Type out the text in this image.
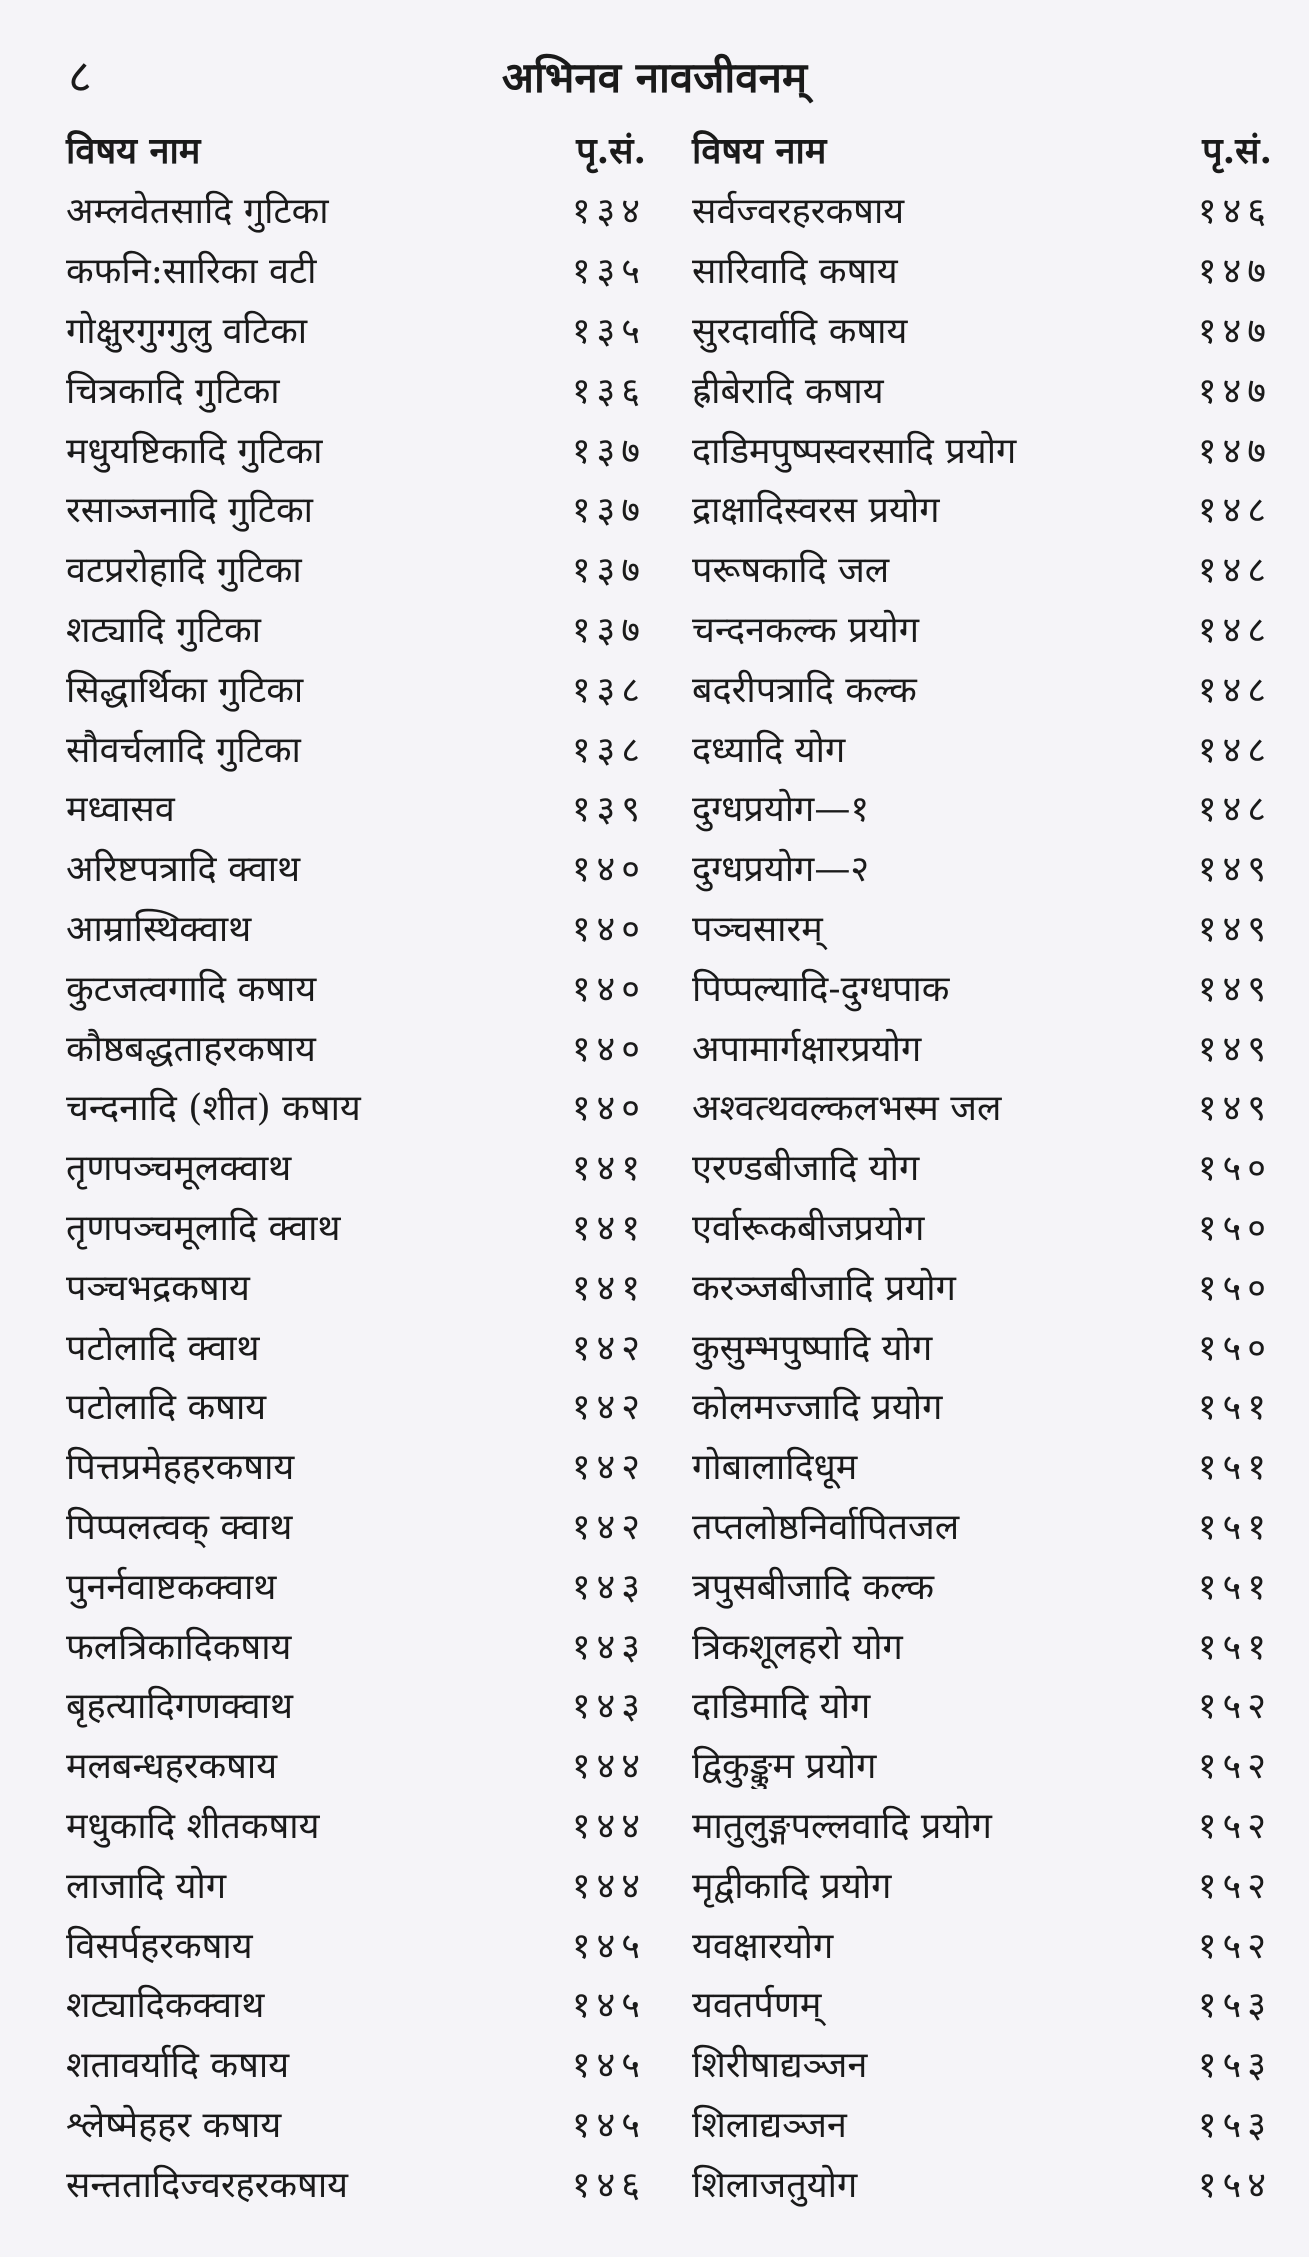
८	अभिनव नावजीवनम्
विषय नाम	पृ.सं.
अम्लवेतसादि गुटिका	१३४
कफनि:सारिका वटी	१३५
गोक्षुरगुग्गुलु वटिका	१३५
चित्रकादि गुटिका	१३६
मधुयष्टिकादि गुटिका	१३७
रसाञ्जनादि गुटिका	१३७
वटप्ररोहादि गुटिका	१३७
शट्यादि गुटिका	१३७
सिद्धार्थिका गुटिका	१३८
सौवर्चलादि गुटिका	१३८
मध्वासव	१३९
अरिष्टपत्रादि क्वाथ	१४०
आम्रास्थिक्वाथ	१४०
कुटजत्वगादि कषाय	१४०
कौष्ठबद्धताहरकषाय	१४०
चन्दनादि (शीत) कषाय	१४०
तृणपञ्चमूलक्वाथ	१४१
तृणपञ्चमूलादि क्वाथ	१४१
पञ्चभद्रकषाय	१४१
पटोलादि क्वाथ	१४२
पटोलादि कषाय	१४२
पित्तप्रमेहहरकषाय	१४२
पिप्पलत्वक् क्वाथ	१४२
पुनर्नवाष्टकक्वाथ	१४३
फलत्रिकादिकषाय	१४३
बृहत्यादिगणक्वाथ	१४३
मलबन्धहरकषाय	१४४
मधुकादि शीतकषाय	१४४
लाजादि योग	१४४
विसर्पहरकषाय	१४५
शट्यादिकक्वाथ	१४५
शतावर्यादि कषाय	१४५
श्लेष्मेहहर कषाय	१४५
सन्ततादिज्वरहरकषाय	१४६
विषय नाम	पृ.सं.
सर्वज्वरहरकषाय	१४६
सारिवादि कषाय	१४७
सुरदार्वादि कषाय	१४७
ह्रीबेरादि कषाय	१४७
दाडिमपुष्पस्वरसादि प्रयोग	१४७
द्राक्षादिस्वरस प्रयोग	१४८
परूषकादि जल	१४८
चन्दनकल्क प्रयोग	१४८
बदरीपत्रादि कल्क	१४८
दध्यादि योग	१४८
दुग्धप्रयोग—१	१४८
दुग्धप्रयोग—२	१४९
पञ्चसारम्	१४९
पिप्पल्यादि-दुग्धपाक	१४९
अपामार्गक्षारप्रयोग	१४९
अश्वत्थवल्कलभस्म जल	१४९
एरण्डबीजादि योग	१५०
एर्वारूकबीजप्रयोग	१५०
करञ्जबीजादि प्रयोग	१५०
कुसुम्भपुष्पादि योग	१५०
कोलमज्जादि प्रयोग	१५१
गोबालादिधूम	१५१
तप्तलोष्ठनिर्वापितजल	१५१
त्रपुसबीजादि कल्क	१५१
त्रिकशूलहरो योग	१५१
दाडिमादि योग	१५२
द्विकुङ्कुम प्रयोग	१५२
मातुलुङ्गपल्लवादि प्रयोग	१५२
मृद्वीकादि प्रयोग	१५२
यवक्षारयोग	१५२
यवतर्पणम्	१५३
शिरीषाद्यञ्जन	१५३
शिलाद्यञ्जन	१५३
शिलाजतुयोग	१५४
